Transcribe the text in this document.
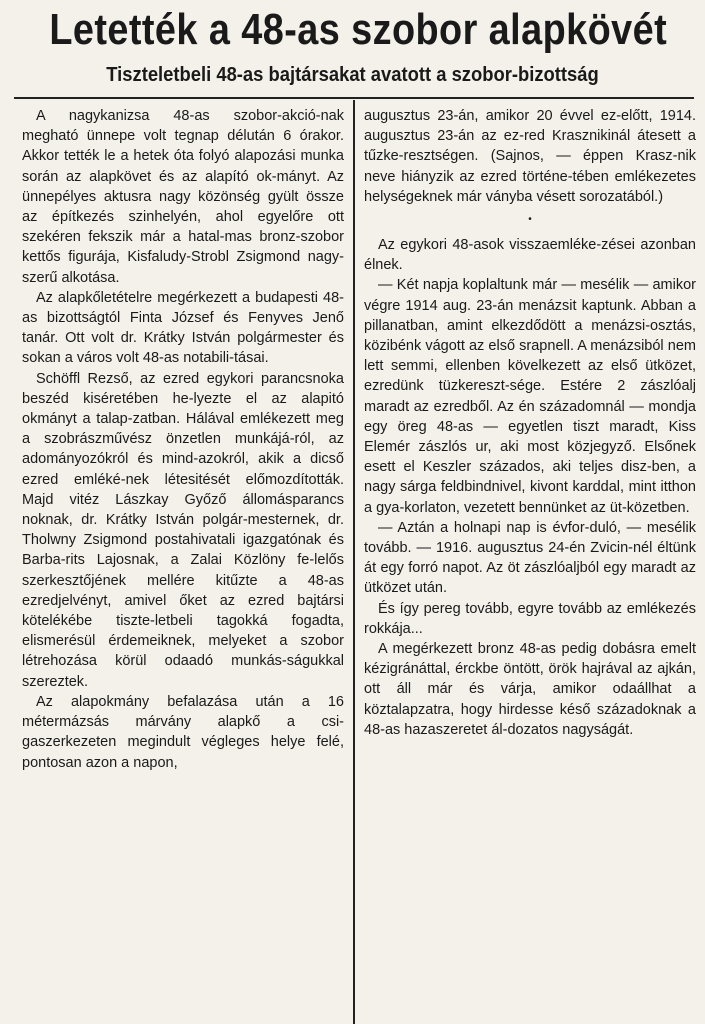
Letették a 48-as szobor alapkövét
Tiszteletbeli 48-as bajtársakat avatott a szobor-bizottság

A nagykanizsa 48-as szobor-akció-nak megható ünnepe volt tegnap délután 6 órakor. Akkor tették le a hetek óta folyó alapozási munka során az alapkövet és az alapító ok-mányt. Az ünnepélyes aktusra nagy közönség gyült össze az építkezés szinhelyén, ahol egyelőre ott szekéren fekszik már a hatal-mas bronz-szobor kettős figurája, Kisfaludy-Strobl Zsigmond nagy-szerű alkotása.

Az alapkőletételre megérkezett a budapesti 48-as bizottságtól Finta József és Fenyves Jenő tanár. Ott volt dr. Krátky István polgármester és sokan a város volt 48-as notabili-tásai.

Schöffl Rezső, az ezred egykori parancsnoka beszéd kiséretében he-lyezte el az alapitó okmányt a talap-zatban. Hálával emlékezett meg a szobrászművész önzetlen munkájá-ról, az adományozókról és mind-azokról, akik a dicső ezred emléké-nek létesitését előmozdították. Majd vitéz Lászkay Győző állomásparancs noknak, dr. Krátky István polgár-mesternek, dr. Tholwny Zsigmond postahivatali igazgatónak és Barba-rits Lajosnak, a Zalai Közlöny fe-lelős szerkesztőjének mellére kitűzte a 48-as ezredjelvényt, amivel őket az ezred bajtársi kötelékébe tiszte-letbeli tagokká fogadta, elismerésül érdemeiknek, melyeket a szobor létrehozása körül odaadó munkás-ságukkal szereztek.

Az alapokmány befalazása után a 16 métermázsás márvány alapkő a csi-gaszerkezeten megindult végleges helye felé, pontosan azon a napon,

augusztus 23-án, amikor 20 évvel ez-előtt, 1914. augusztus 23-án az ez-red Krasznikinál átesett a tűzke-resztségen. (Sajnos, — éppen Krasz-nik neve hiányzik az ezred történe-tében emlékezetes helységeknek már ványba vésett sorozatából.)

•

Az egykori 48-asok visszaemléke-zései azonban élnek.

— Két napja koplaltunk már — mesélik — amikor végre 1914 aug. 23-án menázsit kaptunk. Abban a pillanatban, amint elkezdődött a menázsi-osztás, közibénk vágott az első srapnell. A menázsiból nem lett semmi, ellenben kövelkezett az első ütközet, ezredünk tüzkereszt-sége. Estére 2 zászlóalj maradt az ezredből. Az én századomnál — mondja egy öreg 48-as — egyetlen tiszt maradt, Kiss Elemér zászlós ur, aki most közjegyző. Elsőnek esett el Keszler százados, aki teljes disz-ben, a nagy sárga feldbindnivel, kivont karddal, mint itthon a gya-korlaton, vezetett bennünket az üt-közetben.

— Aztán a holnapi nap is évfor-duló, — mesélik tovább. — 1916. augusztus 24-én Zvicin-nél éltünk át egy forró napot. Az öt zászlóaljból egy maradt az ütközet után.

És így pereg tovább, egyre tovább az emlékezés rokkája...

A megérkezett bronz 48-as pedig dobásra emelt kézigránáttal, érckbe öntött, örök hajrával az ajkán, ott áll már és várja, amikor odaállhat a köztalapzatra, hogy hirdesse késő századoknak a 48-as hazaszeretet ál-dozatos nagyságát.
